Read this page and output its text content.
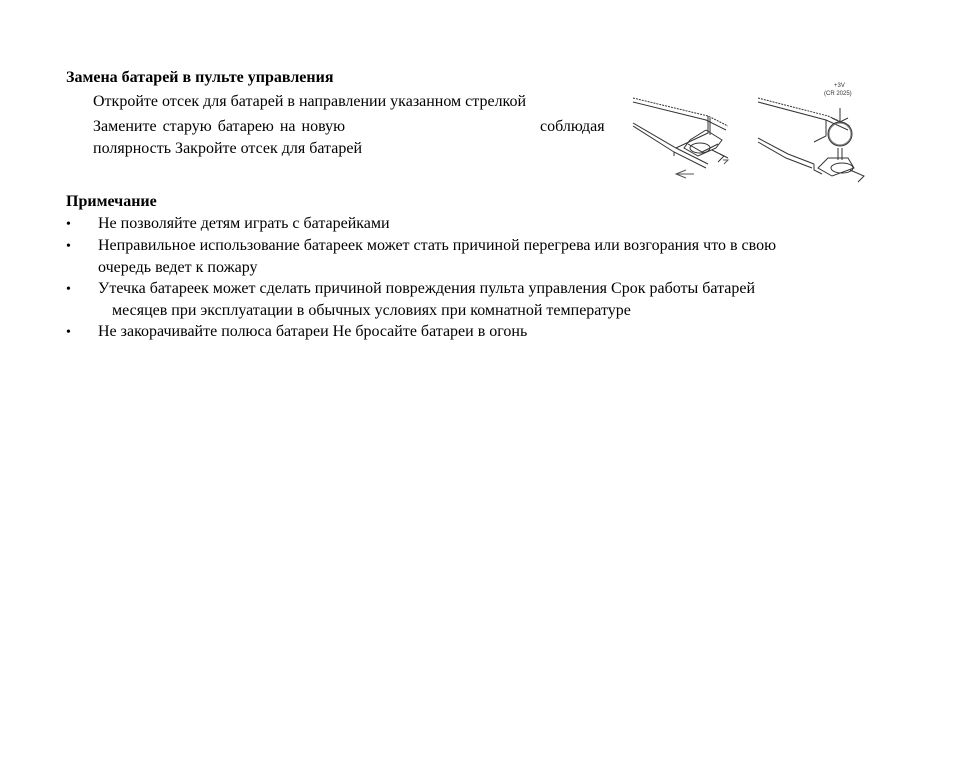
Замена батарей в пульте управления
Откройте отсек для батарей в направлении указанном стрелкой
Замените старую батарею на новую	соблюдая
полярность Закройте отсек для батарей
+3V
(CR 2025)
Примечание
• Не позволяйте детям играть с батарейками
• Неправильное использование батареек может стать причиной перегрева или возгорания что в свою
очередь ведет к пожару
• Утечка батареек может сделать причиной повреждения пульта управления Срок работы батарей
месяцев при эксплуатации в обычных условиях при комнатной температуре
• Не закорачивайте полюса батареи Не бросайте батареи в огонь
